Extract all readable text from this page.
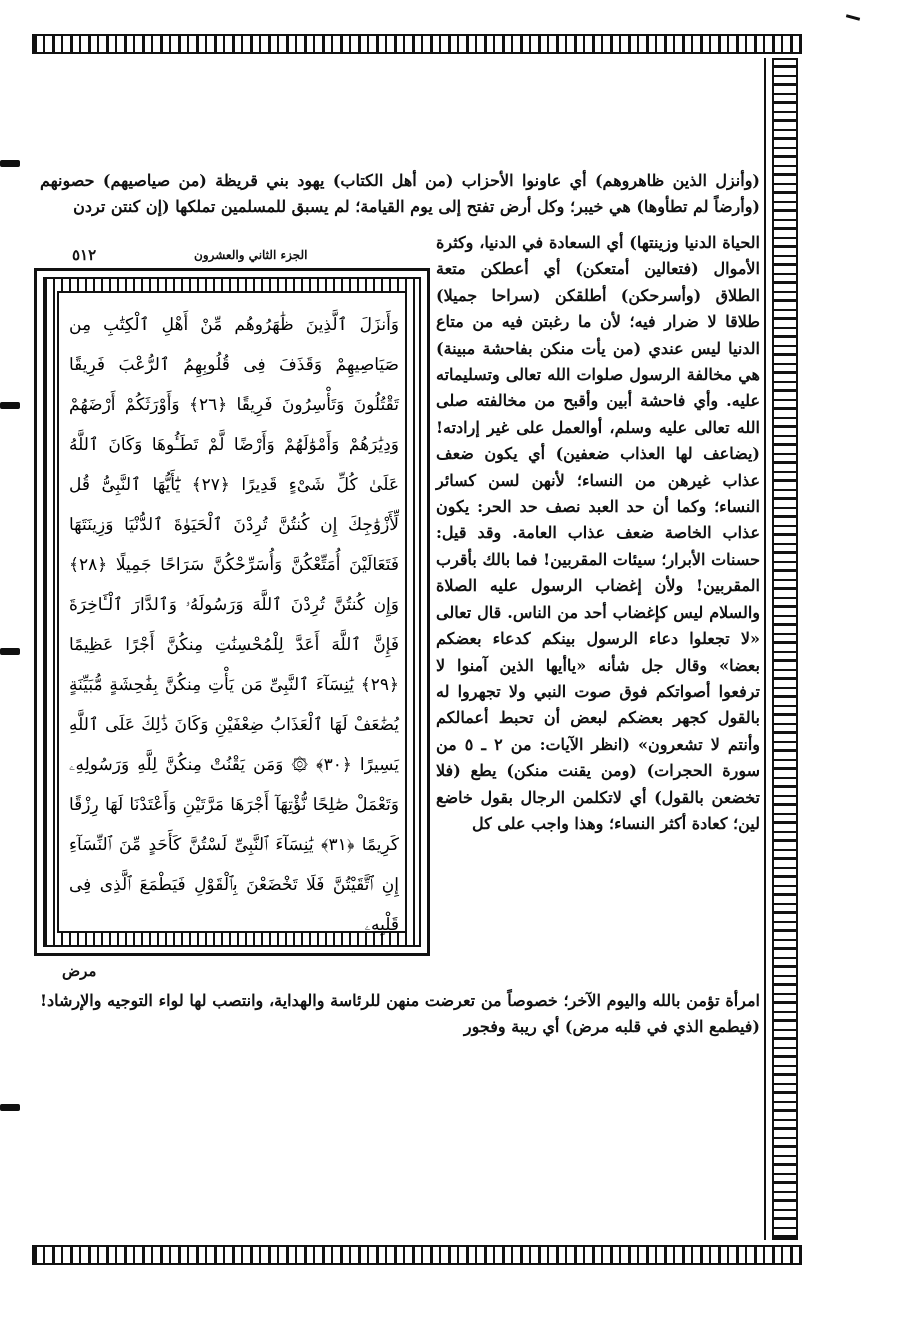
(وأنزل الذين ظاهروهم) أي عاونوا الأحزاب (من أهل الكتاب) يهود بني قريظة (من صياصيهم) حصونهم (وأرضاً لم تطأوها) هي خيبر؛ وكل أرض تفتح إلى يوم القيامة؛ لم يسبق للمسلمين تملكها (إن كنتن تردن

٥١٢	الجزء الثاني والعشرون

وَأَنزَلَ ٱلَّذِينَ ظَٰهَرُوهُم مِّنْ أَهْلِ ٱلْكِتَٰبِ مِن صَيَاصِيهِمْ وَقَذَفَ فِى قُلُوبِهِمُ ٱلرُّعْبَ فَرِيقًا تَقْتُلُونَ وَتَأْسِرُونَ فَرِيقًا ﴿٢٦﴾ وَأَوْرَثَكُمْ أَرْضَهُمْ وَدِيَٰرَهُمْ وَأَمْوَٰلَهُمْ وَأَرْضًا لَّمْ تَطَـُٔوهَا وَكَانَ ٱللَّهُ عَلَىٰ كُلِّ شَىْءٍ قَدِيرًا ﴿٢٧﴾ يَٰٓأَيُّهَا ٱلنَّبِىُّ قُل لِّأَزْوَٰجِكَ إِن كُنتُنَّ تُرِدْنَ ٱلْحَيَوٰةَ ٱلدُّنْيَا وَزِينَتَهَا فَتَعَالَيْنَ أُمَتِّعْكُنَّ وَأُسَرِّحْكُنَّ سَرَاحًا جَمِيلًا ﴿٢٨﴾ وَإِن كُنتُنَّ تُرِدْنَ ٱللَّهَ وَرَسُولَهُۥ وَٱلدَّارَ ٱلْـَٔاخِرَةَ فَإِنَّ ٱللَّهَ أَعَدَّ لِلْمُحْسِنَٰتِ مِنكُنَّ أَجْرًا عَظِيمًا ﴿٢٩﴾ يَٰنِسَآءَ ٱلنَّبِىِّ مَن يَأْتِ مِنكُنَّ بِفَٰحِشَةٍ مُّبَيِّنَةٍ يُضَٰعَفْ لَهَا ٱلْعَذَابُ ضِعْفَيْنِ وَكَانَ ذَٰلِكَ عَلَى ٱللَّهِ يَسِيرًا ﴿٣٠﴾ ۞ وَمَن يَقْنُتْ مِنكُنَّ لِلَّهِ وَرَسُولِهِۦ وَتَعْمَلْ صَٰلِحًا نُّؤْتِهَآ أَجْرَهَا مَرَّتَيْنِ وَأَعْتَدْنَا لَهَا رِزْقًا كَرِيمًا ﴿٣١﴾ يَٰنِسَآءَ ٱلنَّبِىِّ لَسْتُنَّ كَأَحَدٍ مِّنَ ٱلنِّسَآءِ إِنِ ٱتَّقَيْتُنَّ فَلَا تَخْضَعْنَ بِٱلْقَوْلِ فَيَطْمَعَ ٱلَّذِى فِى قَلْبِهِۦ

مرض

الحياة الدنيا وزينتها) أي السعادة في الدنيا، وكثرة الأموال (فتعالين أمتعكن) أي أعطكن متعة الطلاق (وأسرحكن) أطلقكن (سراحا جميلا) طلاقا لا ضرار فيه؛ لأن ما رغبتن فيه من متاع الدنيا ليس عندي (من يأت منكن بفاحشة مبينة) هي مخالفة الرسول صلوات الله تعالى وتسليماته عليه. وأي فاحشة أبين وأقبح من مخالفته صلى الله تعالى عليه وسلم، أوالعمل على غير إرادته! (يضاعف لها العذاب ضعفين) أي يكون ضعف عذاب غيرهن من النساء؛ لأنهن لسن كسائر النساء؛ وكما أن حد العبد نصف حد الحر: يكون عذاب الخاصة ضعف عذاب العامة. وقد قيل: حسنات الأبرار؛ سيئات المقربين! فما بالك بأقرب المقربين! ولأن إغضاب الرسول عليه الصلاة والسلام ليس كإغضاب أحد من الناس. قال تعالى «لا تجعلوا دعاء الرسول بينكم كدعاء بعضكم بعضا» وقال جل شأنه «ياأيها الذين آمنوا لا ترفعوا أصواتكم فوق صوت النبي ولا تجهروا له بالقول كجهر بعضكم لبعض أن تحبط أعمالكم وأنتم لا تشعرون» (انظر الآيات: من ٢ ـ ٥ من سورة الحجرات) (ومن يقنت منكن) يطع (فلا تخضعن بالقول) أي لاتكلمن الرجال بقول خاضع لين؛ كعادة أكثر النساء؛ وهذا واجب على كل

امرأة تؤمن بالله واليوم الآخر؛ خصوصاً من تعرضت منهن للرئاسة والهداية، وانتصب لها لواء التوجيه والإرشاد! (فيطمع الذي في قلبه مرض) أي ريبة وفجور
